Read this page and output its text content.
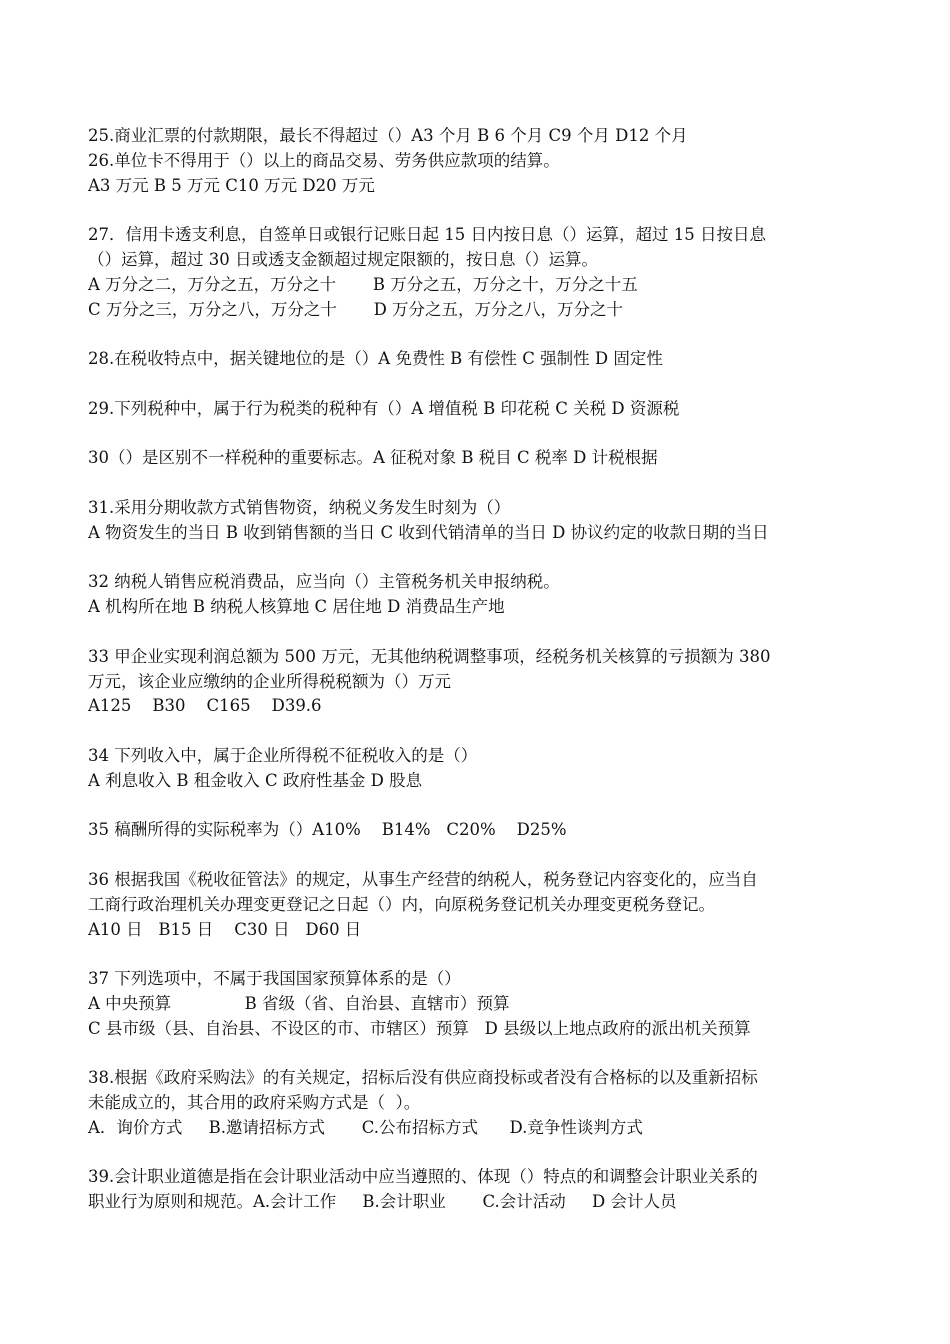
25.商业汇票的付款期限，最长不得超过（）A3 个月 B 6 个月 C9 个月 D12 个月
26.单位卡不得用于（）以上的商品交易、劳务供应款项的结算。
A3 万元 B 5 万元 C10 万元 D20 万元
27．信用卡透支利息，自签单日或银行记账日起 15 日内按日息（）运算，超过 15 日按日息
（）运算，超过 30 日或透支金额超过规定限额的，按日息（）运算。
A 万分之二，万分之五，万分之十       B 万分之五，万分之十，万分之十五
C 万分之三，万分之八，万分之十       D 万分之五，万分之八，万分之十
28.在税收特点中，据关键地位的是（）A 免费性 B 有偿性 C 强制性 D 固定性
29.下列税种中，属于行为税类的税种有（）A 增值税 B 印花税 C 关税 D 资源税
30（）是区别不一样税种的重要标志。A 征税对象 B 税目 C 税率 D 计税根据
31.采用分期收款方式销售物资，纳税义务发生时刻为（）
A 物资发生的当日 B 收到销售额的当日 C 收到代销清单的当日 D 协议约定的收款日期的当日
32 纳税人销售应税消费品，应当向（）主管税务机关申报纳税。
A 机构所在地 B 纳税人核算地 C 居住地 D 消费品生产地
33 甲企业实现利润总额为 500 万元，无其他纳税调整事项，经税务机关核算的亏损额为 380
万元，该企业应缴纳的企业所得税税额为（）万元
A125    B30    C165    D39.6
34 下列收入中，属于企业所得税不征税收入的是（）
A 利息收入 B 租金收入 C 政府性基金 D 股息
35 稿酬所得的实际税率为（）A10%    B14%   C20%    D25%
36 根据我国《税收征管法》的规定，从事生产经营的纳税人，税务登记内容变化的，应当自
工商行政治理机关办理变更登记之日起（）内，向原税务登记机关办理变更税务登记。
A10 日   B15 日    C30 日   D60 日
37 下列选项中，不属于我国国家预算体系的是（）
A 中央预算              B 省级（省、自治县、直辖市）预算
C 县市级（县、自治县、不设区的市、市辖区）预算   D 县级以上地点政府的派出机关预算
38.根据《政府采购法》的有关规定，招标后没有供应商投标或者没有合格标的以及重新招标
未能成立的，其合用的政府采购方式是（  ）。
A．询价方式     B.邀请招标方式       C.公布招标方式      D.竞争性谈判方式
39.会计职业道德是指在会计职业活动中应当遵照的、体现（）特点的和调整会计职业关系的
职业行为原则和规范。A.会计工作     B.会计职业       C.会计活动     D 会计人员
